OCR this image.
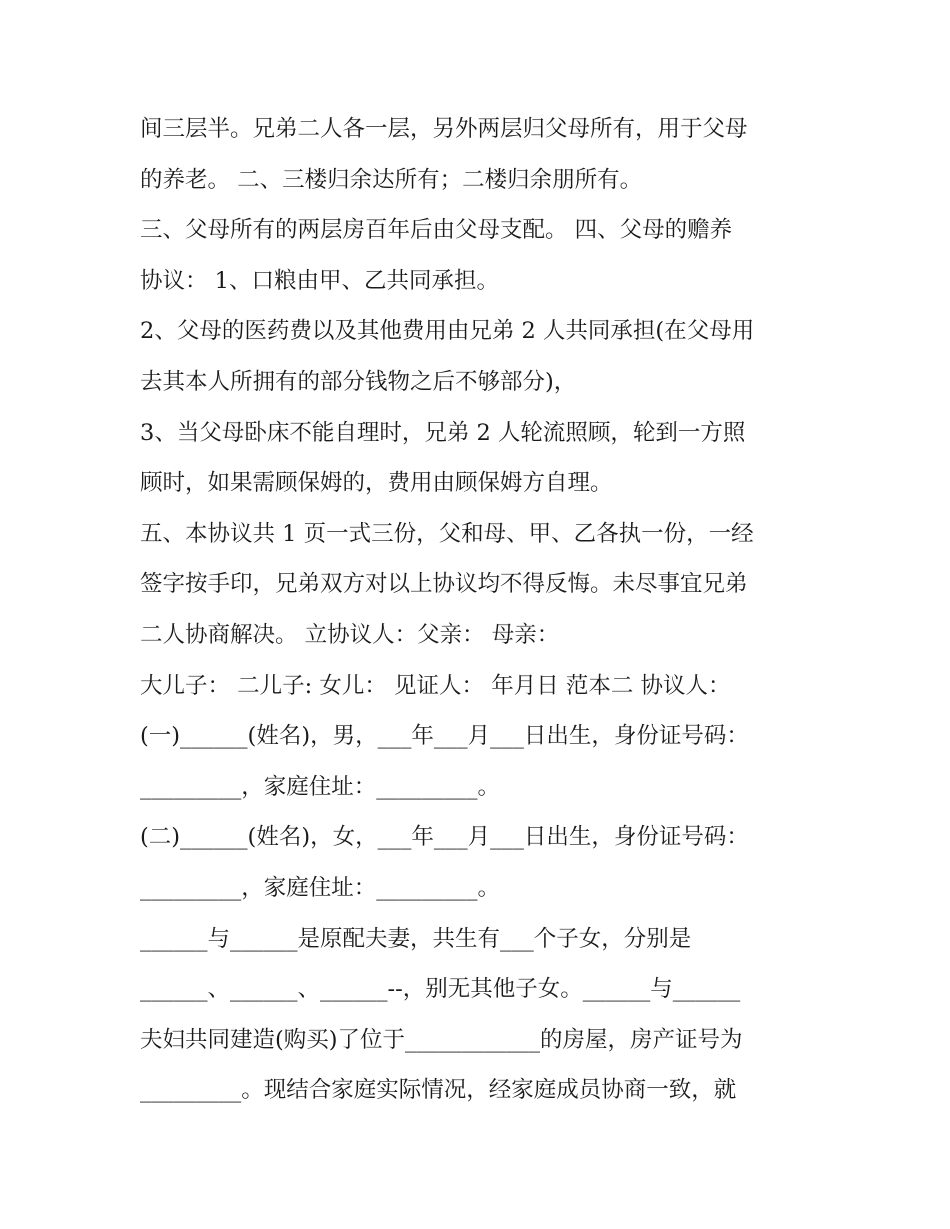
间三层半。兄弟二人各一层，另外两层归父母所有，用于父母
的养老。 二、三楼归余达所有；二楼归余朋所有。
三、父母所有的两层房百年后由父母支配。 四、父母的赡养
协议： 1、口粮由甲、乙共同承担。
2、父母的医药费以及其他费用由兄弟 2 人共同承担(在父母用
去其本人所拥有的部分钱物之后不够部分)，
3、当父母卧床不能自理时，兄弟 2 人轮流照顾，轮到一方照
顾时，如果需顾保姆的，费用由顾保姆方自理。
五、本协议共 1 页一式三份，父和母、甲、乙各执一份，一经
签字按手印，兄弟双方对以上协议均不得反悔。未尽事宜兄弟
二人协商解决。 立协议人：父亲： 母亲：
大儿子： 二儿子: 女儿： 见证人： 年月日 范本二 协议人：
(一)______(姓名)，男，___年___月___日出生，身份证号码：
_________，家庭住址：_________。
(二)______(姓名)，女，___年___月___日出生，身份证号码：
_________，家庭住址：_________。
______与______是原配夫妻，共生有___个子女，分别是
______、______、______--，别无其他子女。______与______
夫妇共同建造(购买)了位于____________的房屋，房产证号为
_________。现结合家庭实际情况，经家庭成员协商一致，就
